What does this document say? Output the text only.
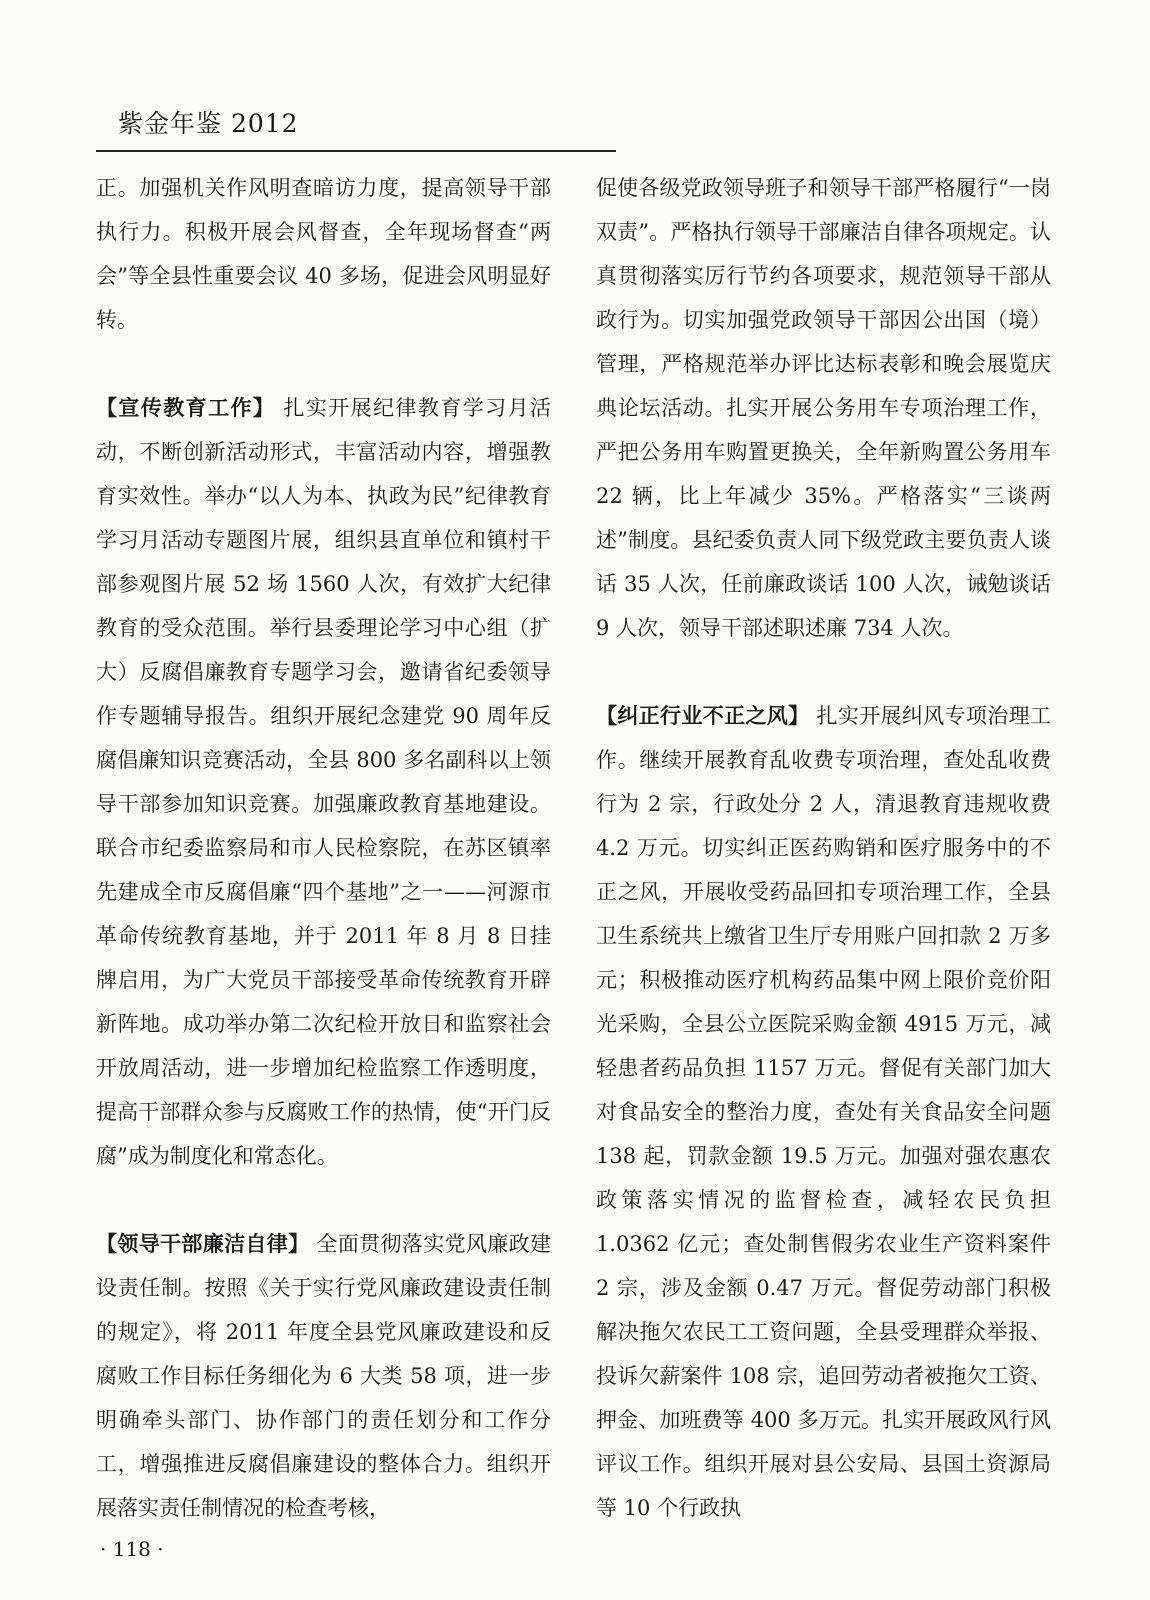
紫金年鉴 2012

正。加强机关作风明查暗访力度，提高领导干部执行力。积极开展会风督查，全年现场督查“两会”等全县性重要会议 40 多场，促进会风明显好转。

【宣传教育工作】 扎实开展纪律教育学习月活动，不断创新活动形式，丰富活动内容，增强教育实效性。举办“以人为本、执政为民”纪律教育学习月活动专题图片展，组织县直单位和镇村干部参观图片展 52 场 1560 人次，有效扩大纪律教育的受众范围。举行县委理论学习中心组（扩大）反腐倡廉教育专题学习会，邀请省纪委领导作专题辅导报告。组织开展纪念建党 90 周年反腐倡廉知识竞赛活动，全县 800 多名副科以上领导干部参加知识竞赛。加强廉政教育基地建设。联合市纪委监察局和市人民检察院，在苏区镇率先建成全市反腐倡廉“四个基地”之一——河源市革命传统教育基地，并于 2011 年 8 月 8 日挂牌启用，为广大党员干部接受革命传统教育开辟新阵地。成功举办第二次纪检开放日和监察社会开放周活动，进一步增加纪检监察工作透明度，提高干部群众参与反腐败工作的热情，使“开门反腐”成为制度化和常态化。

【领导干部廉洁自律】 全面贯彻落实党风廉政建设责任制。按照《关于实行党风廉政建设责任制的规定》，将 2011 年度全县党风廉政建设和反腐败工作目标任务细化为 6 大类 58 项，进一步明确牵头部门、协作部门的责任划分和工作分工，增强推进反腐倡廉建设的整体合力。组织开展落实责任制情况的检查考核，

促使各级党政领导班子和领导干部严格履行“一岗双责”。严格执行领导干部廉洁自律各项规定。认真贯彻落实厉行节约各项要求，规范领导干部从政行为。切实加强党政领导干部因公出国（境）管理，严格规范举办评比达标表彰和晚会展览庆典论坛活动。扎实开展公务用车专项治理工作，严把公务用车购置更换关，全年新购置公务用车 22 辆，比上年减少 35%。严格落实“三谈两述”制度。县纪委负责人同下级党政主要负责人谈话 35 人次，任前廉政谈话 100 人次，诫勉谈话 9 人次，领导干部述职述廉 734 人次。

【纠正行业不正之风】 扎实开展纠风专项治理工作。继续开展教育乱收费专项治理，查处乱收费行为 2 宗，行政处分 2 人，清退教育违规收费 4.2 万元。切实纠正医药购销和医疗服务中的不正之风，开展收受药品回扣专项治理工作，全县卫生系统共上缴省卫生厅专用账户回扣款 2 万多元；积极推动医疗机构药品集中网上限价竞价阳光采购，全县公立医院采购金额 4915 万元，减轻患者药品负担 1157 万元。督促有关部门加大对食品安全的整治力度，查处有关食品安全问题 138 起，罚款金额 19.5 万元。加强对强农惠农政策落实情况的监督检查，减轻农民负担 1.0362 亿元；查处制售假劣农业生产资料案件 2 宗，涉及金额 0.47 万元。督促劳动部门积极解决拖欠农民工工资问题，全县受理群众举报、投诉欠薪案件 108 宗，追回劳动者被拖欠工资、押金、加班费等 400 多万元。扎实开展政风行风评议工作。组织开展对县公安局、县国土资源局等 10 个行政执

· 118 ·
